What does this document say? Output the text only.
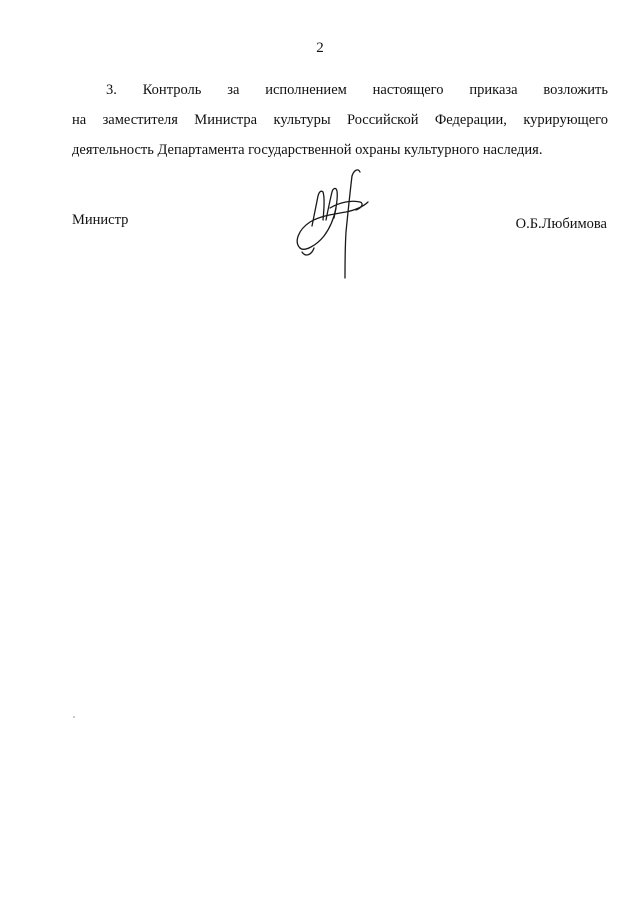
2
3. Контроль за исполнением настоящего приказа возложить
на заместителя Министра культуры Российской Федерации, курирующего
деятельность Департамента государственной охраны культурного наследия.
Министр	О.Б.Любимова
